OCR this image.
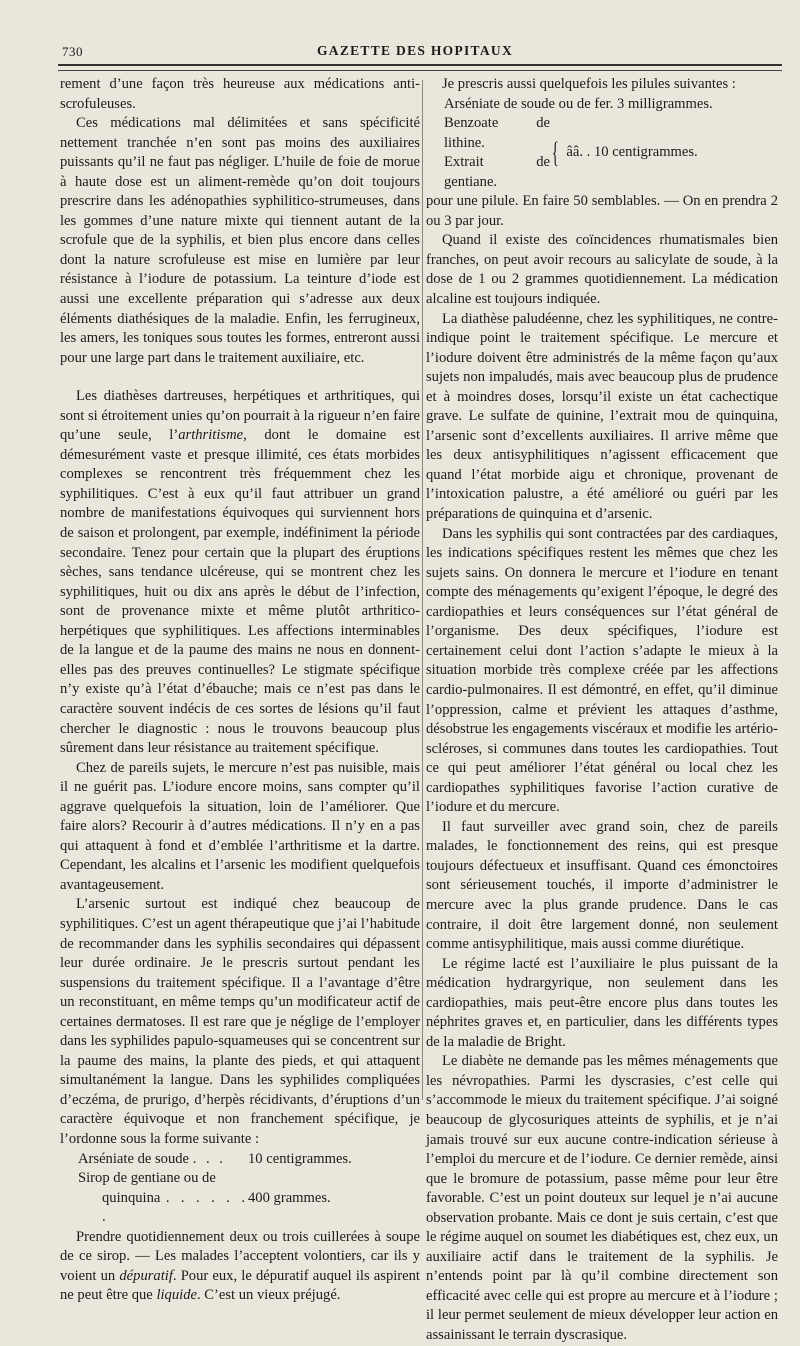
730	GAZETTE DES HOPITAUX

rement d’une façon très heureuse aux médications anti-scrofuleuses.

Ces médications mal délimitées et sans spécificité nettement tranchée n’en sont pas moins des auxiliaires puissants qu’il ne faut pas négliger. L’huile de foie de morue à haute dose est un aliment-remède qu’on doit toujours prescrire dans les adénopathies syphilitico-strumeuses, dans les gommes d’une nature mixte qui tiennent autant de la scrofule que de la syphilis, et bien plus encore dans celles dont la nature scrofuleuse est mise en lumière par leur résistance à l’iodure de potassium. La teinture d’iode est aussi une excellente préparation qui s’adresse aux deux éléments diathésiques de la maladie. Enfin, les ferrugineux, les amers, les toniques sous toutes les formes, entreront aussi pour une large part dans le traitement auxiliaire, etc.

Les diathèses dartreuses, herpétiques et arthritiques, qui sont si étroitement unies qu’on pourrait à la rigueur n’en faire qu’une seule, l’arthritisme, dont le domaine est démesurément vaste et presque illimité, ces états morbides complexes se rencontrent très fréquemment chez les syphilitiques. C’est à eux qu’il faut attribuer un grand nombre de manifestations équivoques qui surviennent hors de saison et prolongent, par exemple, indéfiniment la période secondaire. Tenez pour certain que la plupart des éruptions sèches, sans tendance ulcéreuse, qui se montrent chez les syphilitiques, huit ou dix ans après le début de l’infection, sont de provenance mixte et même plutôt arthritico-herpétiques que syphilitiques. Les affections interminables de la langue et de la paume des mains ne nous en donnent-elles pas des preuves continuelles? Le stigmate spécifique n’y existe qu’à l’état d’ébauche; mais ce n’est pas dans le caractère souvent indécis de ces sortes de lésions qu’il faut chercher le diagnostic : nous le trouvons beaucoup plus sûrement dans leur résistance au traitement spécifique.

Chez de pareils sujets, le mercure n’est pas nuisible, mais il ne guérit pas. L’iodure encore moins, sans compter qu’il aggrave quelquefois la situation, loin de l’améliorer. Que faire alors? Recourir à d’autres médications. Il n’y en a pas qui attaquent à fond et d’emblée l’arthritisme et la dartre. Cependant, les alcalins et l’arsenic les modifient quelquefois avantageusement.

L’arsenic surtout est indiqué chez beaucoup de syphilitiques. C’est un agent thérapeutique que j’ai l’habitude de recommander dans les syphilis secondaires qui dépassent leur durée ordinaire. Je le prescris surtout pendant les suspensions du traitement spécifique. Il a l’avantage d’être un reconstituant, en même temps qu’un modificateur actif de certaines dermatoses. Il est rare que je néglige de l’employer dans les syphilides papulo-squameuses qui se concentrent sur la paume des mains, la plante des pieds, et qui attaquent simultanément la langue. Dans les syphilides compliquées d’eczéma, de prurigo, d’herpès récidivants, d’éruptions d’un caractère équivoque et non franchement spécifique, je l’ordonne sous la forme suivante :

Arséniate de soude . . .	10 centigrammes.
Sirop de gentiane ou de
quinquina . . . . . . .
400 grammes.

Prendre quotidiennement deux ou trois cuillerées à soupe de ce sirop. — Les malades l’acceptent volontiers, car ils y voient un dépuratif. Pour eux, le dépuratif auquel ils aspirent ne peut être que liquide. C’est un vieux préjugé.

Je prescris aussi quelquefois les pilules suivantes :

Arséniate de soude ou de fer. 3 milligrammes.
Benzoate de lithine.
Extrait de gentiane.
{ ââ. . 10 centigrammes.

pour une pilule. En faire 50 semblables. — On en prendra 2 ou 3 par jour.

Quand il existe des coïncidences rhumatismales bien franches, on peut avoir recours au salicylate de soude, à la dose de 1 ou 2 grammes quotidiennement. La médication alcaline est toujours indiquée.

La diathèse paludéenne, chez les syphilitiques, ne contre-indique point le traitement spécifique. Le mercure et l’iodure doivent être administrés de la même façon qu’aux sujets non impaludés, mais avec beaucoup plus de prudence et à moindres doses, lorsqu’il existe un état cachectique grave. Le sulfate de quinine, l’extrait mou de quinquina, l’arsenic sont d’excellents auxiliaires. Il arrive même que les deux antisyphilitiques n’agissent efficacement que quand l’état morbide aigu et chronique, provenant de l’intoxication palustre, a été amélioré ou guéri par les préparations de quinquina et d’arsenic.

Dans les syphilis qui sont contractées par des cardiaques, les indications spécifiques restent les mêmes que chez les sujets sains. On donnera le mercure et l’iodure en tenant compte des ménagements qu’exigent l’époque, le degré des cardiopathies et leurs conséquences sur l’état général de l’organisme. Des deux spécifiques, l’iodure est certainement celui dont l’action s’adapte le mieux à la situation morbide très complexe créée par les affections cardio-pulmonaires. Il est démontré, en effet, qu’il diminue l’oppression, calme et prévient les attaques d’asthme, désobstrue les engagements viscéraux et modifie les artério-scléroses, si communes dans toutes les cardiopathies. Tout ce qui peut améliorer l’état général ou local chez les cardiopathes syphilitiques favorise l’action curative de l’iodure et du mercure.

Il faut surveiller avec grand soin, chez de pareils malades, le fonctionnement des reins, qui est presque toujours défectueux et insuffisant. Quand ces émonctoires sont sérieusement touchés, il importe d’administrer le mercure avec la plus grande prudence. Dans le cas contraire, il doit être largement donné, non seulement comme antisyphilitique, mais aussi comme diurétique.

Le régime lacté est l’auxiliaire le plus puissant de la médication hydrargyrique, non seulement dans les cardiopathies, mais peut-être encore plus dans toutes les néphrites graves et, en particulier, dans les différents types de la maladie de Bright.

Le diabète ne demande pas les mêmes ménagements que les névropathies. Parmi les dyscrasies, c’est celle qui s’accommode le mieux du traitement spécifique. J’ai soigné beaucoup de glycosuriques atteints de syphilis, et je n’ai jamais trouvé sur eux aucune contre-indication sérieuse à l’emploi du mercure et de l’iodure. Ce dernier remède, ainsi que le bromure de potassium, passe même pour leur être favorable. C’est un point douteux sur lequel je n’ai aucune observation probante. Mais ce dont je suis certain, c’est que le régime auquel on soumet les diabétiques est, chez eux, un auxiliaire actif dans le traitement de la syphilis. Je n’entends point par là qu’il combine directement son efficacité avec celle qui est propre au mercure et à l’iodure ; il leur permet seulement de mieux développer leur action en assainissant le terrain dyscrasique.
